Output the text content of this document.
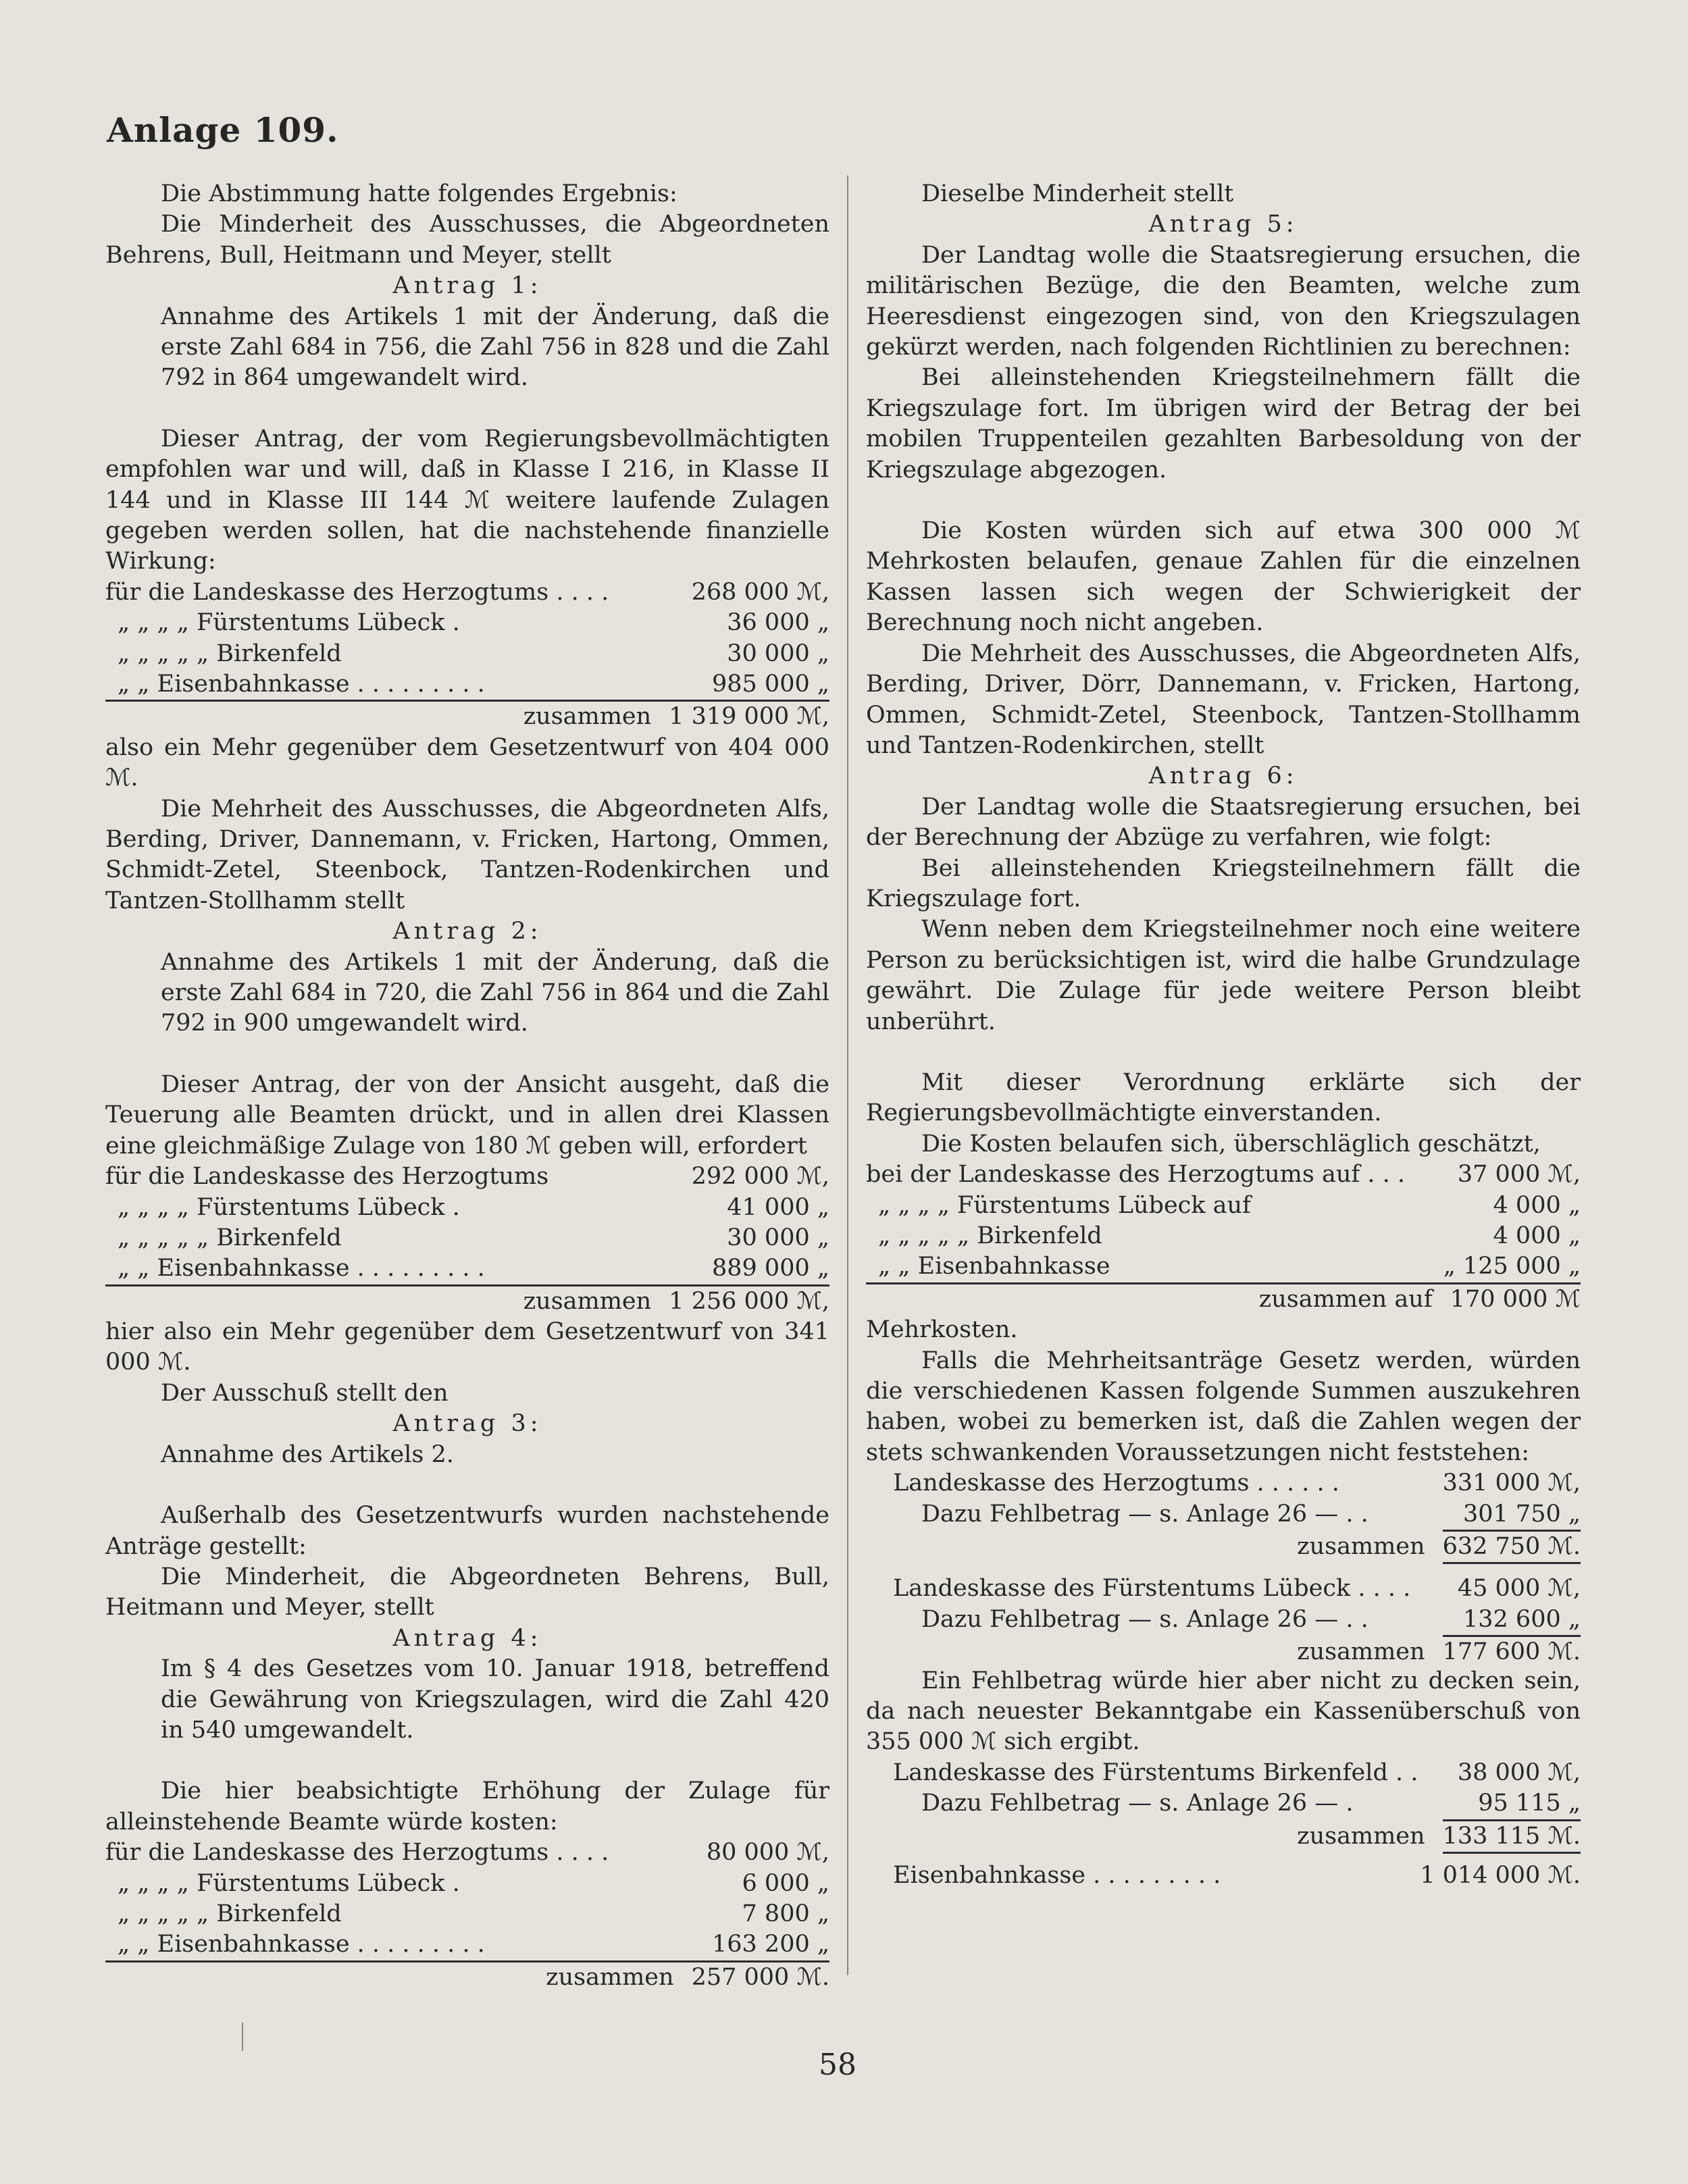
Anlage 109.

Die Abstimmung hatte folgendes Ergebnis:

Die Minderheit des Ausschusses, die Abgeordneten Behrens, Bull, Heitmann und Meyer, stellt

Antrag 1:

Annahme des Artikels 1 mit der Änderung, daß die erste Zahl 684 in 756, die Zahl 756 in 828 und die Zahl 792 in 864 umgewandelt wird.

Dieser Antrag, der vom Regierungsbevollmächtigten empfohlen war und will, daß in Klasse I 216, in Klasse II 144 und in Klasse III 144 ℳ weitere laufende Zulagen gegeben werden sollen, hat die nachstehende finanzielle Wirkung:

für die Landeskasse des Herzogtums . . . .	268 000 ℳ,
„ „ „ „ Fürstentums Lübeck .	36 000 „
„ „ „ „ „ Birkenfeld	30 000 „
„ „ Eisenbahnkasse . . . . . . . . .	985 000 „
zusammen 1 319 000 ℳ,

also ein Mehr gegenüber dem Gesetzentwurf von 404 000 ℳ.

Die Mehrheit des Ausschusses, die Abgeordneten Alfs, Berding, Driver, Dannemann, v. Fricken, Hartong, Ommen, Schmidt-Zetel, Steenbock, Tantzen-Rodenkirchen und Tantzen-Stollhamm stellt

Antrag 2:

Annahme des Artikels 1 mit der Änderung, daß die erste Zahl 684 in 720, die Zahl 756 in 864 und die Zahl 792 in 900 umgewandelt wird.

Dieser Antrag, der von der Ansicht ausgeht, daß die Teuerung alle Beamten drückt, und in allen drei Klassen eine gleichmäßige Zulage von 180 ℳ geben will, erfordert

für die Landeskasse des Herzogtums	292 000 ℳ,
„ „ „ „ Fürstentums Lübeck .	41 000 „
„ „ „ „ „ Birkenfeld	30 000 „
„ „ Eisenbahnkasse . . . . . . . . .	889 000 „
zusammen 1 256 000 ℳ,

hier also ein Mehr gegenüber dem Gesetzentwurf von 341 000 ℳ.

Der Ausschuß stellt den

Antrag 3:

Annahme des Artikels 2.

Außerhalb des Gesetzentwurfs wurden nachstehende Anträge gestellt:

Die Minderheit, die Abgeordneten Behrens, Bull, Heitmann und Meyer, stellt

Antrag 4:

Im § 4 des Gesetzes vom 10. Januar 1918, betreffend die Gewährung von Kriegszulagen, wird die Zahl 420 in 540 umgewandelt.

Die hier beabsichtigte Erhöhung der Zulage für alleinstehende Beamte würde kosten:

für die Landeskasse des Herzogtums . . . .	80 000 ℳ,
„ „ „ „ Fürstentums Lübeck .	6 000 „
„ „ „ „ „ Birkenfeld	7 800 „
„ „ Eisenbahnkasse . . . . . . . . .	163 200 „
zusammen 257 000 ℳ.

Dieselbe Minderheit stellt

Antrag 5:

Der Landtag wolle die Staatsregierung ersuchen, die militärischen Bezüge, die den Beamten, welche zum Heeresdienst eingezogen sind, von den Kriegszulagen gekürzt werden, nach folgenden Richtlinien zu berechnen:

Bei alleinstehenden Kriegsteilnehmern fällt die Kriegszulage fort. Im übrigen wird der Betrag der bei mobilen Truppenteilen gezahlten Barbesoldung von der Kriegszulage abgezogen.

Die Kosten würden sich auf etwa 300 000 ℳ Mehrkosten belaufen, genaue Zahlen für die einzelnen Kassen lassen sich wegen der Schwierigkeit der Berechnung noch nicht angeben.

Die Mehrheit des Ausschusses, die Abgeordneten Alfs, Berding, Driver, Dörr, Dannemann, v. Fricken, Hartong, Ommen, Schmidt-Zetel, Steenbock, Tantzen-Stollhamm und Tantzen-Rodenkirchen, stellt

Antrag 6:

Der Landtag wolle die Staatsregierung ersuchen, bei der Berechnung der Abzüge zu verfahren, wie folgt:

Bei alleinstehenden Kriegsteilnehmern fällt die Kriegszulage fort.

Wenn neben dem Kriegsteilnehmer noch eine weitere Person zu berücksichtigen ist, wird die halbe Grundzulage gewährt. Die Zulage für jede weitere Person bleibt unberührt.

Mit dieser Verordnung erklärte sich der Regierungsbevollmächtigte einverstanden.

Die Kosten belaufen sich, überschläglich geschätzt,

bei der Landeskasse des Herzogtums auf . . .	37 000 ℳ,
„ „ „ „ Fürstentums Lübeck auf	4 000 „
„ „ „ „ „ Birkenfeld	4 000 „
„ „ Eisenbahnkasse	„ 125 000 „
zusammen auf 170 000 ℳ

Mehrkosten.

Falls die Mehrheitsanträge Gesetz werden, würden die verschiedenen Kassen folgende Summen auszukehren haben, wobei zu bemerken ist, daß die Zahlen wegen der stets schwankenden Voraussetzungen nicht feststehen:

Landeskasse des Herzogtums . . . . . .	331 000 ℳ,
Dazu Fehlbetrag — s. Anlage 26 — . .	301 750 „
zusammen 632 750 ℳ.
Landeskasse des Fürstentums Lübeck . . . .	45 000 ℳ,
Dazu Fehlbetrag — s. Anlage 26 — . .	132 600 „
zusammen 177 600 ℳ.

Ein Fehlbetrag würde hier aber nicht zu decken sein, da nach neuester Bekanntgabe ein Kassenüberschuß von 355 000 ℳ sich ergibt.

Landeskasse des Fürstentums Birkenfeld . .	38 000 ℳ,
Dazu Fehlbetrag — s. Anlage 26 — .	95 115 „
zusammen 133 115 ℳ.
Eisenbahnkasse . . . . . . . . .	1 014 000 ℳ.
58
